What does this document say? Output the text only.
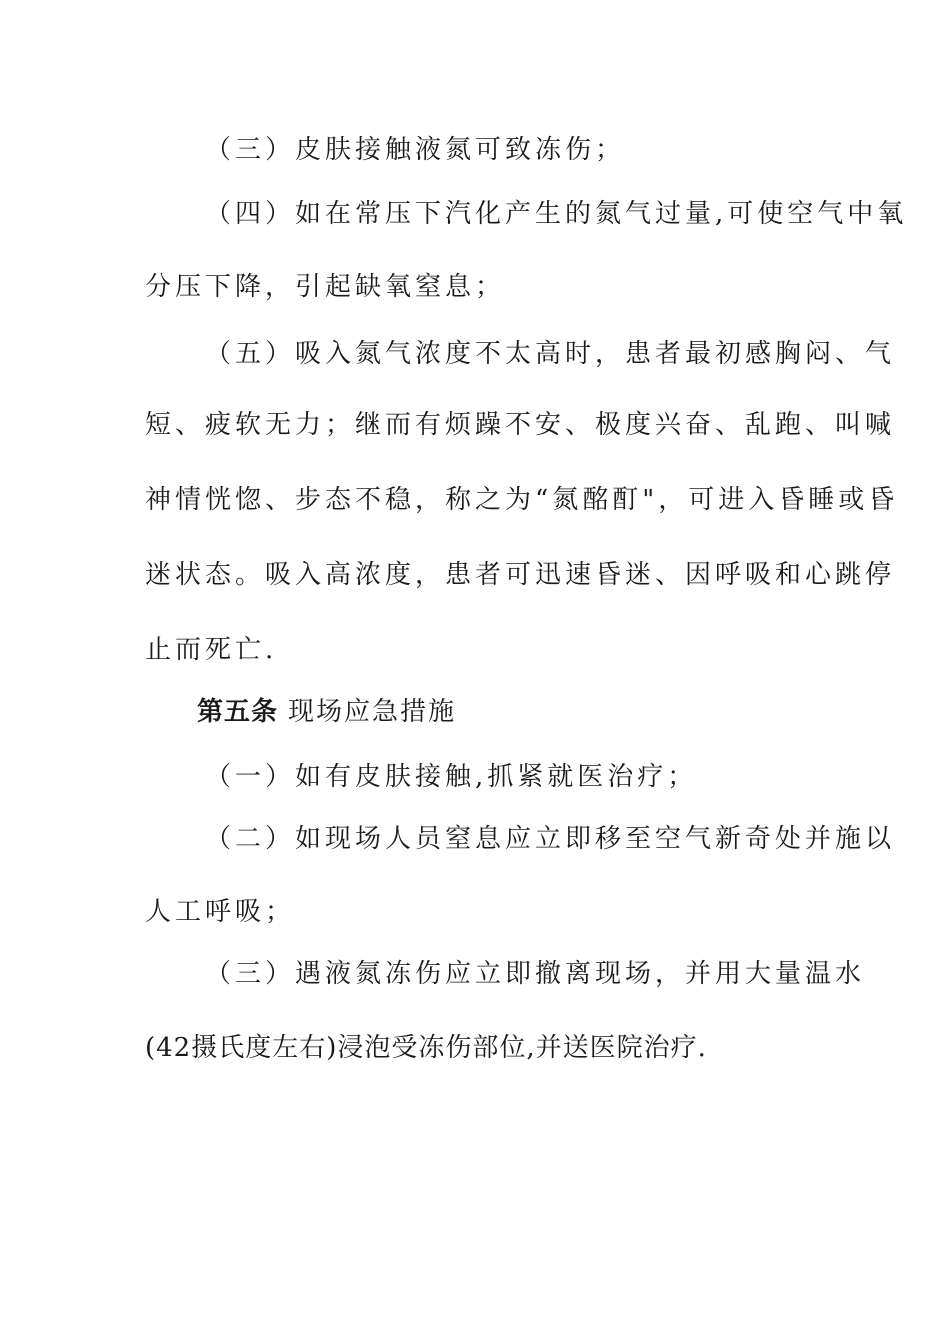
（三）皮肤接触液氮可致冻伤；
（四）如在常压下汽化产生的氮气过量,可使空气中氧
分压下降，引起缺氧窒息；
（五）吸入氮气浓度不太高时，患者最初感胸闷、气
短、疲软无力；继而有烦躁不安、极度兴奋、乱跑、叫喊
神情恍惚、步态不稳，称之为“氮酩酊"，可进入昏睡或昏
迷状态。吸入高浓度，患者可迅速昏迷、因呼吸和心跳停
止而死亡.
第五条 现场应急措施
（一）如有皮肤接触,抓紧就医治疗；
（二）如现场人员窒息应立即移至空气新奇处并施以
人工呼吸；
（三）遇液氮冻伤应立即撤离现场，并用大量温水
(42摄氏度左右)浸泡受冻伤部位,并送医院治疗.
